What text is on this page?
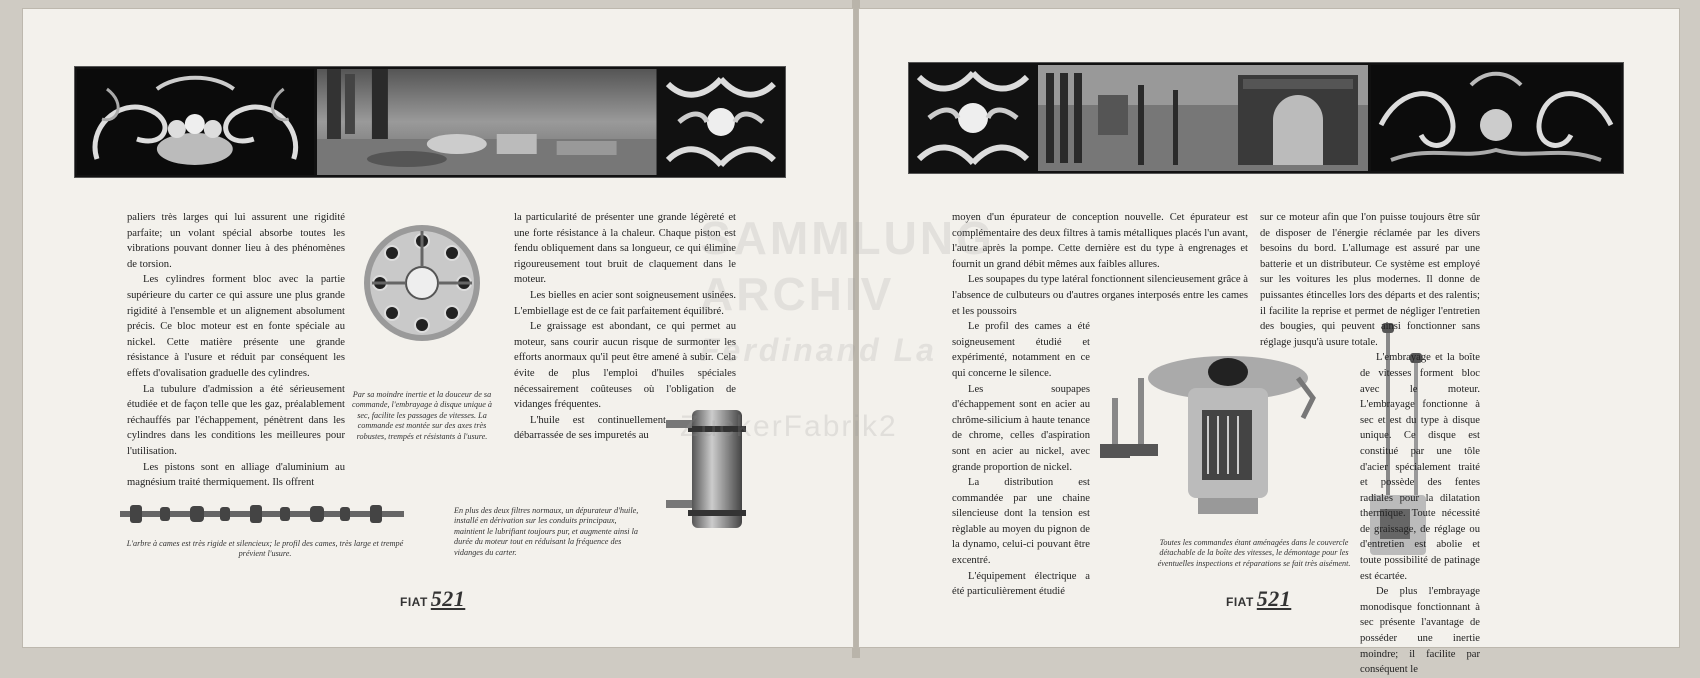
paliers très larges qui lui assurent une rigidité parfaite; un volant spécial absorbe toutes les vibrations pouvant donner lieu à des phénomènes de torsion.

Les cylindres forment bloc avec la partie supérieure du carter ce qui assure une plus grande rigidité à l'ensemble et un alignement absolument précis. Ce bloc moteur est en fonte spéciale au nickel. Cette matière présente une grande résistance à l'usure et réduit par conséquent les effets d'ovalisation graduelle des cylindres.

La tubulure d'admission a été sérieusement étudiée et de façon telle que les gaz, préalablement réchauffés par l'échappement, pénètrent dans les cylindres dans les conditions les meilleures pour l'utilisation.

Les pistons sont en alliage d'aluminium au magnésium traité thermiquement. Ils offrent

Par sa moindre inertie et la douceur de sa commande, l'embrayage à disque unique à sec, facilite les passages de vitesses. La commande est montée sur des axes très robustes, trempés et résistants à l'usure.

la particularité de présenter une grande légèreté et une forte résistance à la chaleur. Chaque piston est fendu obliquement dans sa longueur, ce qui élimine rigoureusement tout bruit de claquement dans le moteur.

Les bielles en acier sont soigneusement usinées. L'embiellage est de ce fait parfaitement équilibré.

Le graissage est abondant, ce qui permet au moteur, sans courir aucun risque de surmonter les efforts anormaux qu'il peut être amené à subir. Cela évite de plus l'emploi d'huiles spéciales nécessairement coûteuses où l'obligation de vidanges fréquentes.

L'huile est continuellement débarrassée de ses impuretés au

L'arbre à cames est très rigide et silencieux; le profil des cames, très large et trempé prévient l'usure.
En plus des deux filtres normaux, un dépurateur d'huile, installé en dérivation sur les conduits principaux, maintient le lubrifiant toujours pur, et augmente ainsi la durée du moteur tout en réduisant la fréquence des vidanges du carter.
FIAT 521

moyen d'un épurateur de conception nouvelle. Cet épurateur est complémentaire des deux filtres à tamis métalliques placés l'un avant, l'autre après la pompe. Cette dernière est du type à engrenages et fournit un grand débit mêmes aux faibles allures.

Les soupapes du type latéral fonctionnent silencieusement grâce à l'absence de culbuteurs ou d'autres organes interposés entre les cames et les poussoirs

Le profil des cames a été soigneusement étudié et expérimenté, notamment en ce qui concerne le silence.

Les soupapes d'échappement sont en acier au chrôme-silicium à haute tenance de chrome, celles d'aspiration sont en acier au nickel, avec grande proportion de nickel.

La distribution est commandée par une chaine silencieuse dont la tension est règlable au moyen du pignon de la dynamo, celui-ci pouvant être excentré.

L'équipement électrique a été particulièrement étudié

Toutes les commandes étant aménagées dans le couvercle détachable de la boîte des vitesses, le démontage pour les éventuelles inspections et réparations se fait très aisément.

sur ce moteur afin que l'on puisse toujours être sûr de disposer de l'énergie réclamée par les divers besoins du bord. L'allumage est assuré par une batterie et un distributeur. Ce système est employé sur les voitures les plus modernes. Il donne de puissantes étincelles lors des départs et des ralentis; il facilite la reprise et permet de négliger l'entretien des bougies, qui peuvent ainsi fonctionner sans réglage jusqu'à usure totale.

L'embrayage et la boîte de vitesses forment bloc avec le moteur. L'embrayage fonctionne à sec et est du type à disque unique. Ce disque est constitué par une tôle d'acier spécialement traité et possède des fentes radiales pour la dilatation thermique. Toute nécessité de graissage, de réglage ou d'entretien est abolie et toute possibilité de patinage est écartée.

De plus l'embrayage monodisque fonctionnant à sec présente l'avantage de posséder une inertie moindre; il facilite par conséquent le

FIAT 521
ZuckerFabrik2
